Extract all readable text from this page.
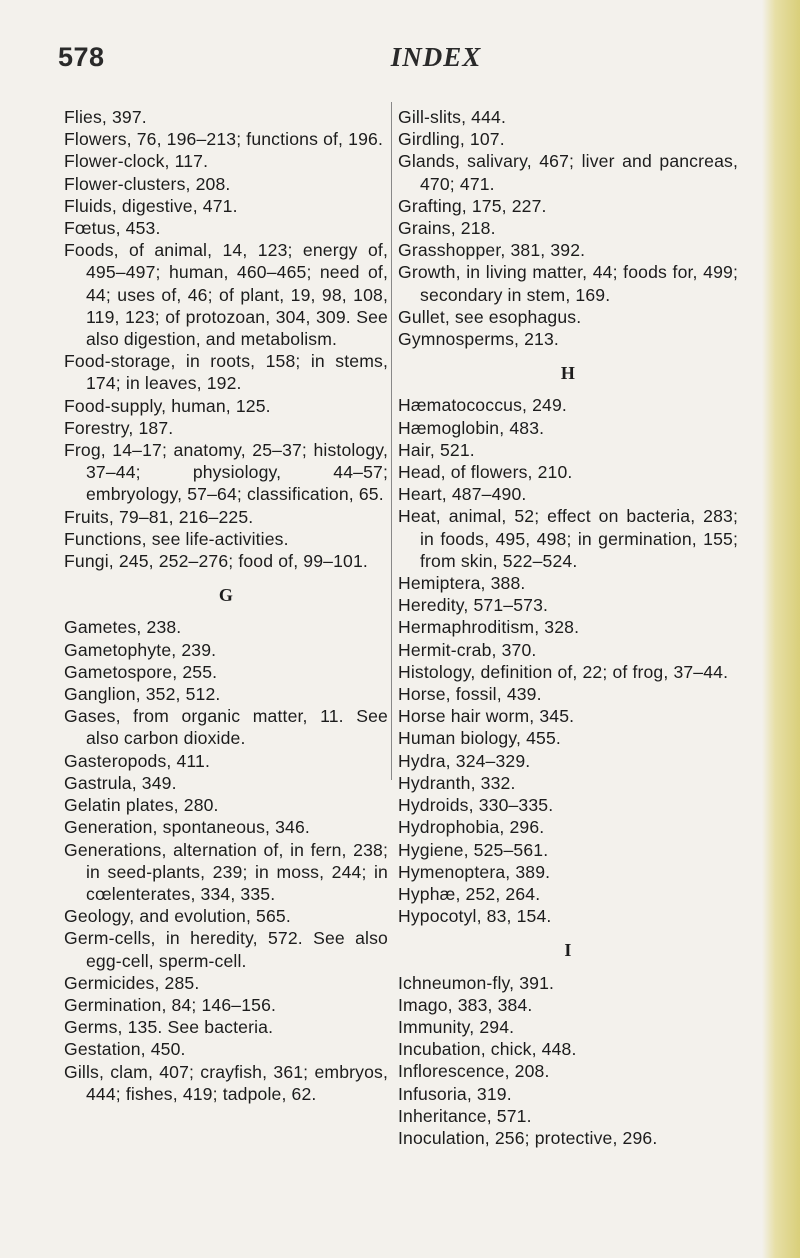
578	INDEX
Flies, 397.
Flowers, 76, 196–213; functions of, 196.
Flower-clock, 117.
Flower-clusters, 208.
Fluids, digestive, 471.
Fœtus, 453.
Foods, of animal, 14, 123; energy of, 495–497; human, 460–465; need of, 44; uses of, 46; of plant, 19, 98, 108, 119, 123; of protozoan, 304, 309. See also digestion, and metabolism.
Food-storage, in roots, 158; in stems, 174; in leaves, 192.
Food-supply, human, 125.
Forestry, 187.
Frog, 14–17; anatomy, 25–37; histology, 37–44; physiology, 44–57; embryology, 57–64; classification, 65.
Fruits, 79–81, 216–225.
Functions, see life-activities.
Fungi, 245, 252–276; food of, 99–101.
G
Gametes, 238.
Gametophyte, 239.
Gametospore, 255.
Ganglion, 352, 512.
Gases, from organic matter, 11. See also carbon dioxide.
Gasteropods, 411.
Gastrula, 349.
Gelatin plates, 280.
Generation, spontaneous, 346.
Generations, alternation of, in fern, 238; in seed-plants, 239; in moss, 244; in cœlenterates, 334, 335.
Geology, and evolution, 565.
Germ-cells, in heredity, 572. See also egg-cell, sperm-cell.
Germicides, 285.
Germination, 84; 146–156.
Germs, 135. See bacteria.
Gestation, 450.
Gills, clam, 407; crayfish, 361; embryos, 444; fishes, 419; tadpole, 62.
Gill-slits, 444.
Girdling, 107.
Glands, salivary, 467; liver and pancreas, 470; 471.
Grafting, 175, 227.
Grains, 218.
Grasshopper, 381, 392.
Growth, in living matter, 44; foods for, 499; secondary in stem, 169.
Gullet, see esophagus.
Gymnosperms, 213.
H
Hæmatococcus, 249.
Hæmoglobin, 483.
Hair, 521.
Head, of flowers, 210.
Heart, 487–490.
Heat, animal, 52; effect on bacteria, 283; in foods, 495, 498; in germination, 155; from skin, 522–524.
Hemiptera, 388.
Heredity, 571–573.
Hermaphroditism, 328.
Hermit-crab, 370.
Histology, definition of, 22; of frog, 37–44.
Horse, fossil, 439.
Horse hair worm, 345.
Human biology, 455.
Hydra, 324–329.
Hydranth, 332.
Hydroids, 330–335.
Hydrophobia, 296.
Hygiene, 525–561.
Hymenoptera, 389.
Hyphæ, 252, 264.
Hypocotyl, 83, 154.
I
Ichneumon-fly, 391.
Imago, 383, 384.
Immunity, 294.
Incubation, chick, 448.
Inflorescence, 208.
Infusoria, 319.
Inheritance, 571.
Inoculation, 256; protective, 296.
